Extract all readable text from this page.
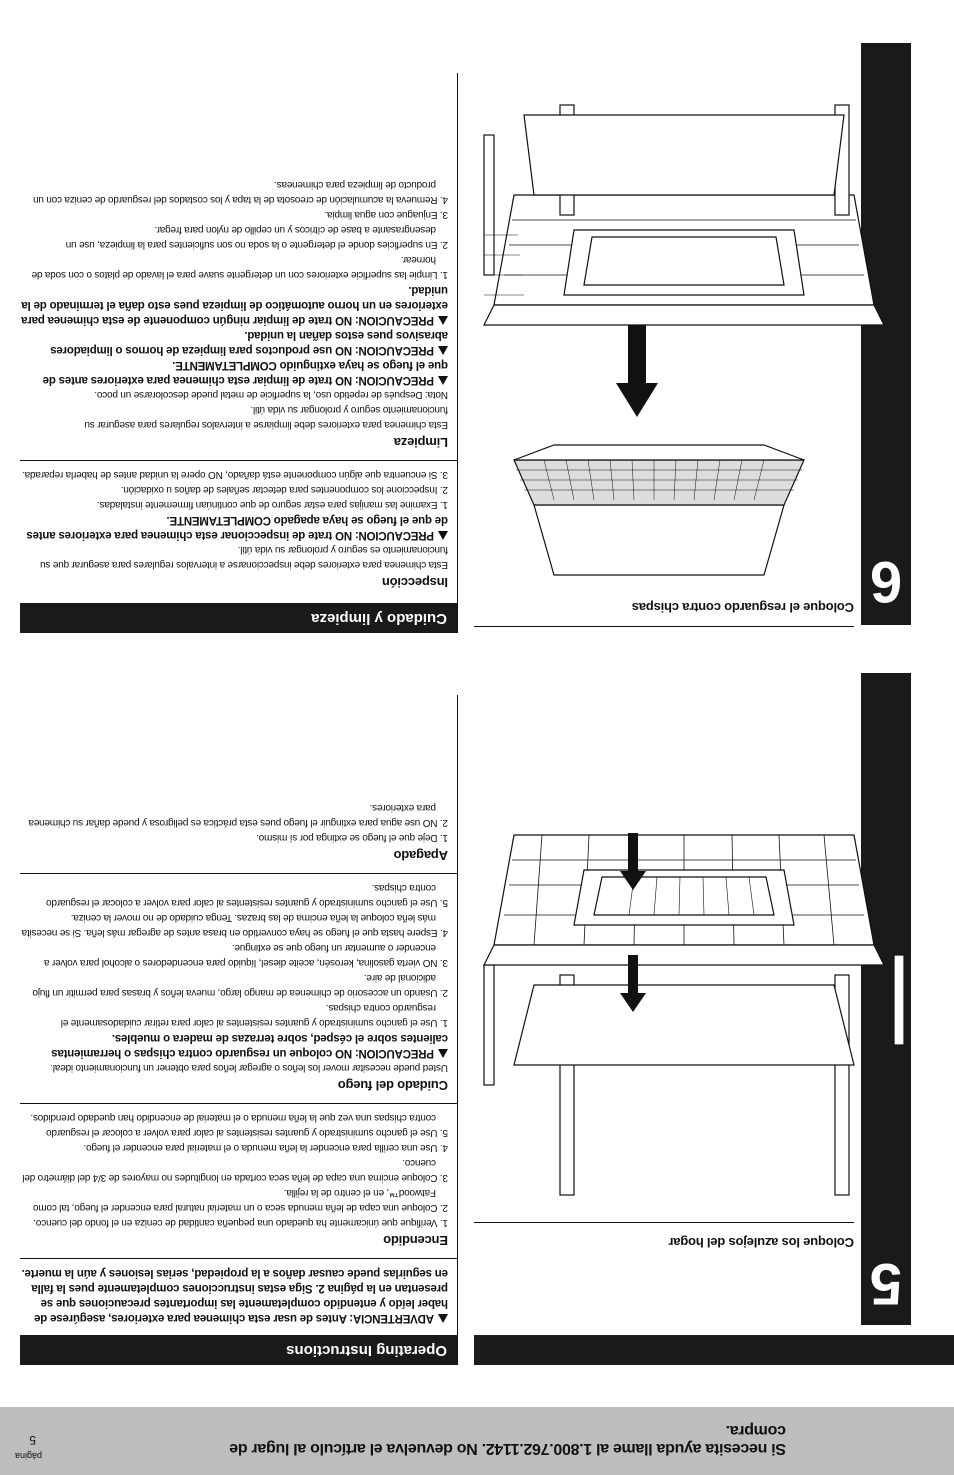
página
5	Si necesita ayuda llame al 1.800.762.1142. No devuelva el artículo al lugar de compra.
5
Coloque los azulejos del hogar
6
Coloque el resguardo contra chispas
Operating Instructions

ADVERTENCIA: Antes de usar esta chimenea para exteriores, asegúrese de haber leído y entendido completamente las importantes precauciones que se presentan en la página 2. Siga estas instrucciones completamente pues la falla en seguirlas puede causar daños a la propiedad, serias lesiones y aún la muerte.

Encendido
1. Verifique que únicamente ha quedado una pequeña cantidad de ceniza en el fondo del cuenco.
2. Coloque una capa de leña menuda seca o un material natural para encender el fuego, tal como Fatwood™, en el centro de la rejilla.
3. Coloque encima una capa de leña seca cortada en longitudes no mayores de 3/4 del diámetro del cuenco.
4. Use una cerilla para encender la leña menuda o el material para encender el fuego.
5. Use el gancho suministrado y guantes resistentes al calor para volver a colocar el resguardo contra chispas una vez que la leña menuda o el material de encendido han quedado prendidos.
Cuidado del fuego

Usted puede necesitar mover los leños o agregar leños para obtener un funcionamiento ideal.

PRECAUCION: NO coloque un resguardo contra chispas o herramientas calientes sobre el césped, sobre terrazas de madera o muebles.

1. Use el gancho suministrado y guantes resistentes al calor para retirar cuidadosamente el resguardo contra chispas.
2. Usando un accesorio de chimenea de mango largo, mueva leños y brasas para permitir un flujo adicional de aire.
3. NO vierta gasolina, kerosén, aceite diesel, líquido para encendedores o alcohol para volver a encender o aumentar un fuego que se extingue.
4. Espere hasta que el fuego se haya convertido en brasa antes de agregar más leña. Si se necesita más leña coloque la leña encima de las brazas. Tenga cuidado de no mover la ceniza.
5. Use el gancho suministrado y guantes resistentes al calor para volver a colocar el resguardo contra chispas.
Apagado
1. Deje que el fuego se extinga por sí mismo.
2. NO use agua para extinguir el fuego pues esta práctica es peligrosa y puede dañar su chimenea para exteriores.
Cuidado y limpieza
Inspección

Esta chimenea para exteriores debe inspeccionarse a intervalos regulares para asegurar que su funcionamiento es seguro y prolongar su vida útil.

PRECAUCION: NO trate de inspeccionar esta chimenea para exteriores antes de que el fuego se haya apagado COMPLETAMENTE.

1. Examine las manijas para estar seguro de que continúan firmemente instaladas.
2. Inspeccione los componentes para detectar señales de daños u oxidación.
3. Si encuentra que algún componente está dañado, NO opere la unidad antes de haberla reparada.
Limpieza

Esta chimenea para exteriores debe limpiarse a intervalos regulares para asegurar su funcionamiento seguro y prolongar su vida útil.

Nota: Después de repetido uso, la superficie de metal puede descolorarse un poco.

PRECAUCION: NO trate de limpiar esta chimenea para exteriores antes de que el fuego se haya extinguido COMPLETAMENTE.

PRECAUCION: NO use productos para limpieza de hornos o limpiadores abrasivos pues estos dañan la unidad.

PRECAUCION: NO trate de limpiar ningún componente de esta chimenea para exteriores en un horno automático de limpieza pues esto daña el terminado de la unidad.

1. Limpie las superficie exteriores con un detergente suave para el lavado de platos o con soda de hornear.
2. En superficies donde el detergente o la soda no son suficientes para la limpieza, use un desengrasante a base de cítricos y un cepillo de nylon para fregar.
3. Enjuague con agua limpia.
4. Remueva la acumulación de creosota de la tapa y los costados del resguardo de ceniza con un producto de limpieza para chimeneas.
